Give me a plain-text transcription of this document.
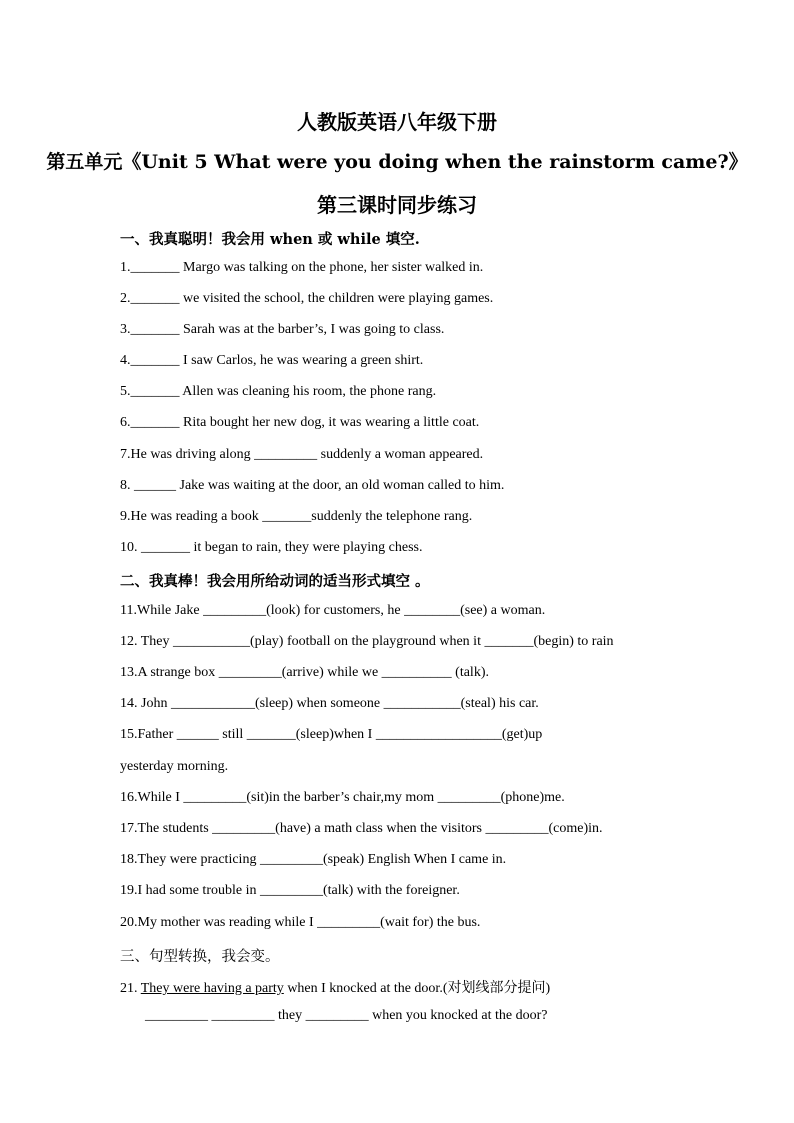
人教版英语八年级下册
第五单元《Unit 5 What were you doing when the rainstorm came?》
第三课时同步练习
一、我真聪明！我会用 when 或 while 填空.
1._______ Margo was talking on the phone, her sister walked in.
2._______ we visited the school, the children were playing games.
3._______ Sarah was at the barber’s, I was going to class.
4._______ I saw Carlos, he was wearing a green shirt.
5._______ Allen was cleaning his room, the phone rang.
6._______ Rita bought her new dog, it was wearing a little coat.
7.He was driving along _________ suddenly a woman appeared.
8. ______ Jake was waiting at the door, an old woman called to him.
9.He was reading a book _______suddenly the telephone rang.
10. _______ it began to rain, they were playing chess.
二、我真棒！我会用所给动词的适当形式填空 。
11.While Jake _________(look) for customers, he ________(see) a woman.
12. They ___________(play) football on the playground when it _______(begin) to rain
13.A strange box _________(arrive) while we __________ (talk).
14. John ____________(sleep) when someone ___________(steal) his car.
15.Father ______ still _______(sleep)when I __________________(get)up
yesterday morning.
16.While I _________(sit)in the barber’s chair,my mom _________(phone)me.
17.The students _________(have) a math class when the visitors _________(come)in.
18.They were practicing _________(speak) English When I came in.
19.I had some trouble in _________(talk) with the foreigner.
20.My mother was reading while I _________(wait for) the bus.
三、句型转换，我会变。
21. They were having a party when I knocked at the door.(对划线部分提问)
_________ _________ they _________ when you knocked at the door?
